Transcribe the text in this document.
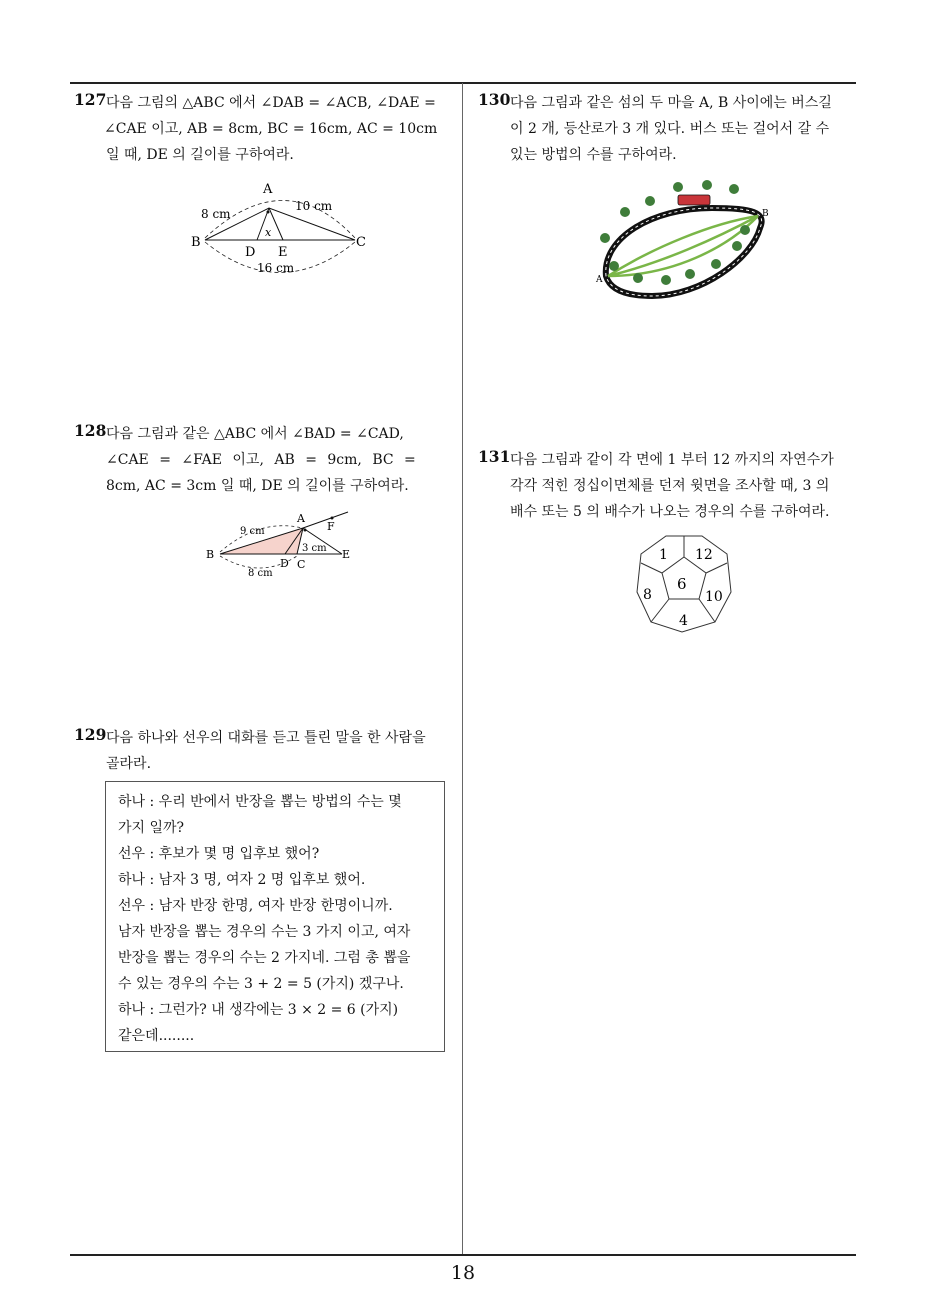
127 다음 그림의 △ABC 에서 ∠DAB = ∠ACB, ∠DAE =
∠CAE 이고, AB = 8cm, BC = 16cm, AC = 10cm
일 때, DE 의 길이를 구하여라.
A
B	C
D E
x
8 cm
10 cm
16 cm
128 다음 그림과 같은 △ABC 에서 ∠BAD = ∠CAD,
∠CAE = ∠FAE 이고, AB = 9cm, BC =
8cm, AC = 3cm 일 때, DE 의 길이를 구하여라.
A
B
C
D
E
F
9 cm
3 cm
8 cm
129 다음 하나와 선우의 대화를 듣고 틀린 말을 한 사람을
골라라.
하나 : 우리 반에서 반장을 뽑는 방법의 수는 몇
가지 일까?
선우 : 후보가 몇 명 입후보 했어?
하나 : 남자 3 명, 여자 2 명 입후보 했어.
선우 : 남자 반장 한명, 여자 반장 한명이니까.
남자 반장을 뽑는 경우의 수는 3 가지 이고, 여자
반장을 뽑는 경우의 수는 2 가지네. 그럼 총 뽑을
수 있는 경우의 수는 3 + 2 = 5 (가지) 겠구나.
하나 : 그런가? 내 생각에는 3 × 2 = 6 (가지)
같은데........
130 다음 그림과 같은 섬의 두 마을 A, B 사이에는 버스길
이 2 개, 등산로가 3 개 있다. 버스 또는 걸어서 갈 수
있는 방법의 수를 구하여라.
A
B
131 다음 그림과 같이 각 면에 1 부터 12 까지의 자연수가
각각 적힌 정십이면체를 던져 윗면을 조사할 때, 3 의
배수 또는 5 의 배수가 나오는 경우의 수를 구하여라.
6
1 12
8	10
4
18
